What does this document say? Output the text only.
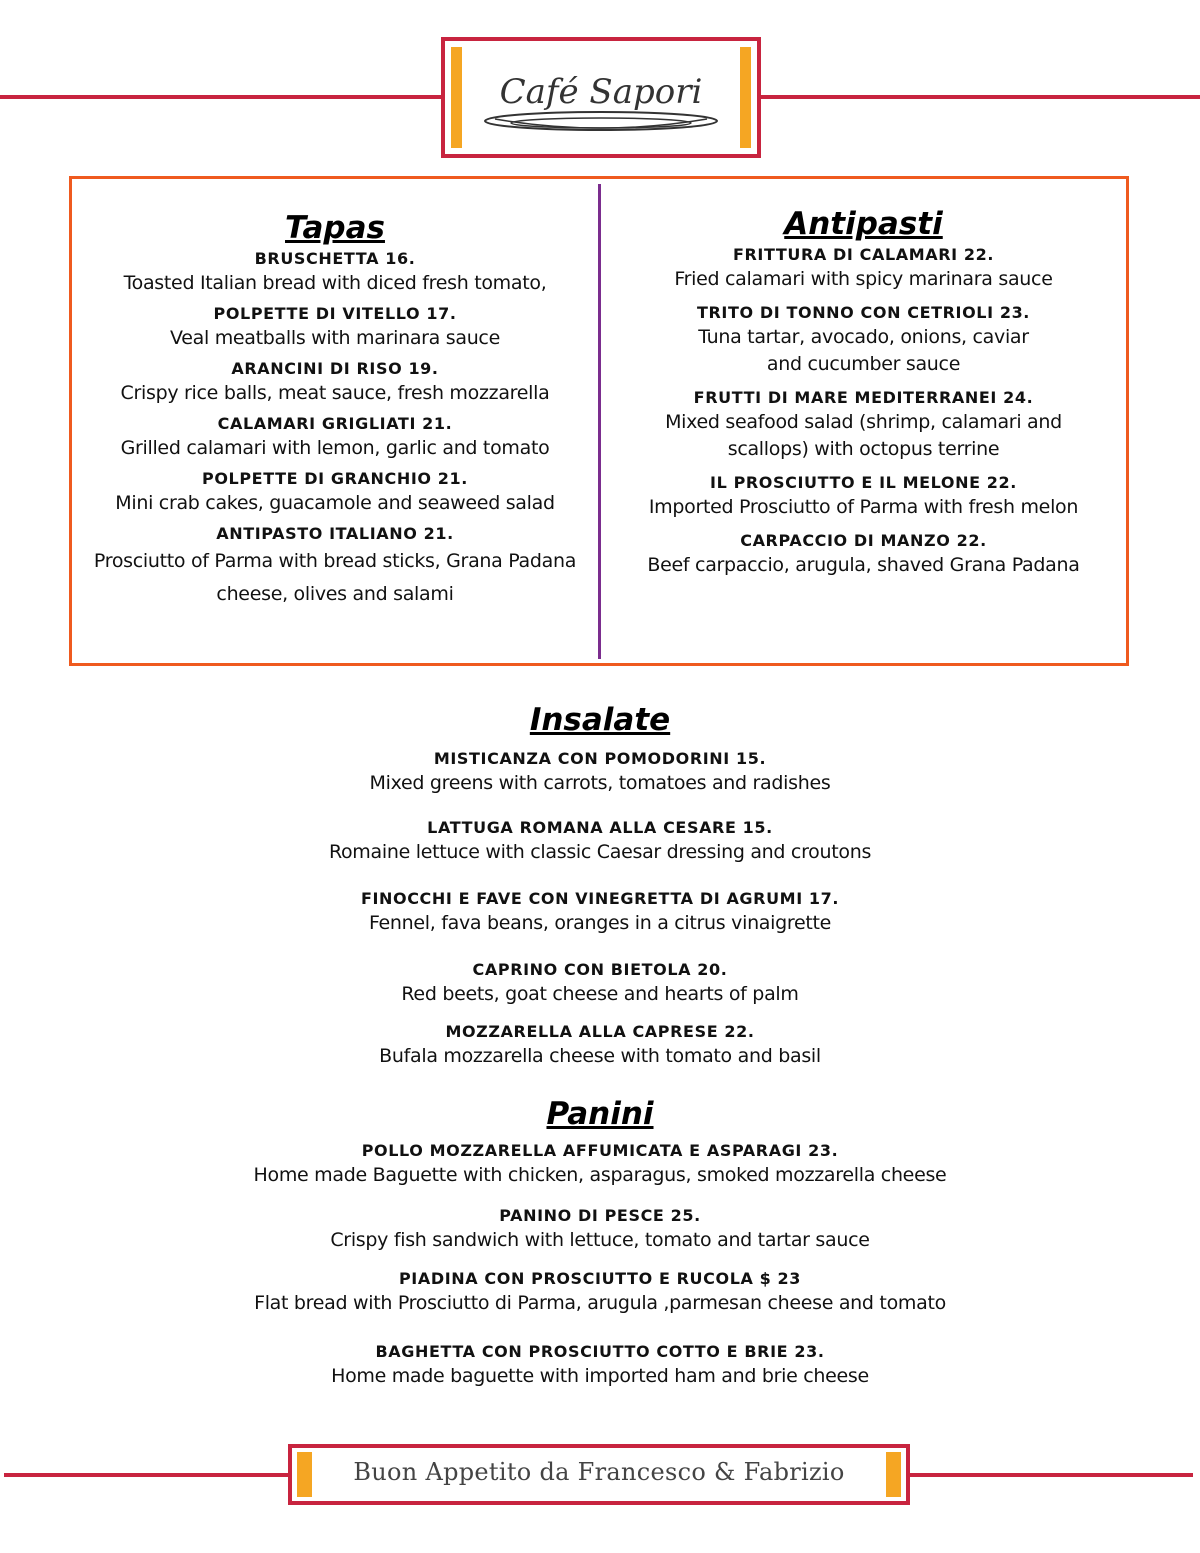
Café Sapori
Tapas
BRUSCHETTA 16.
Toasted Italian bread with diced fresh tomato,
POLPETTE DI VITELLO 17.
Veal meatballs with marinara sauce
ARANCINI DI RISO 19.
Crispy rice balls, meat sauce, fresh mozzarella
CALAMARI GRIGLIATI 21.
Grilled calamari with lemon, garlic and tomato
POLPETTE DI GRANCHIO 21.
Mini crab cakes, guacamole and seaweed salad
ANTIPASTO ITALIANO 21.
Prosciutto of Parma with bread sticks, Grana Padana
cheese, olives and salami
Antipasti
FRITTURA DI CALAMARI 22.
Fried calamari with spicy marinara sauce
TRITO DI TONNO CON CETRIOLI 23.
Tuna tartar, avocado, onions, caviar
and cucumber sauce
FRUTTI DI MARE MEDITERRANEI 24.
Mixed seafood salad (shrimp, calamari and
scallops) with octopus terrine
IL PROSCIUTTO E IL MELONE 22.
Imported Prosciutto of Parma with fresh melon
CARPACCIO DI MANZO 22.
Beef carpaccio, arugula, shaved Grana Padana
Insalate
MISTICANZA CON POMODORINI 15.
Mixed greens with carrots, tomatoes and radishes
LATTUGA ROMANA ALLA CESARE 15.
Romaine lettuce with classic Caesar dressing and croutons
FINOCCHI E FAVE CON VINEGRETTA DI AGRUMI 17.
Fennel, fava beans, oranges in a citrus vinaigrette
CAPRINO CON BIETOLA 20.
Red beets, goat cheese and hearts of palm
MOZZARELLA ALLA CAPRESE 22.
Bufala mozzarella cheese with tomato and basil
Panini
POLLO MOZZARELLA AFFUMICATA E ASPARAGI 23.
Home made Baguette with chicken, asparagus, smoked mozzarella cheese
PANINO DI PESCE 25.
Crispy fish sandwich with lettuce, tomato and tartar sauce
PIADINA CON PROSCIUTTO E RUCOLA $ 23
Flat bread with Prosciutto di Parma, arugula ,parmesan cheese and tomato
BAGHETTA CON PROSCIUTTO COTTO E BRIE 23.
Home made baguette with imported ham and brie cheese
Buon Appetito da Francesco & Fabrizio
